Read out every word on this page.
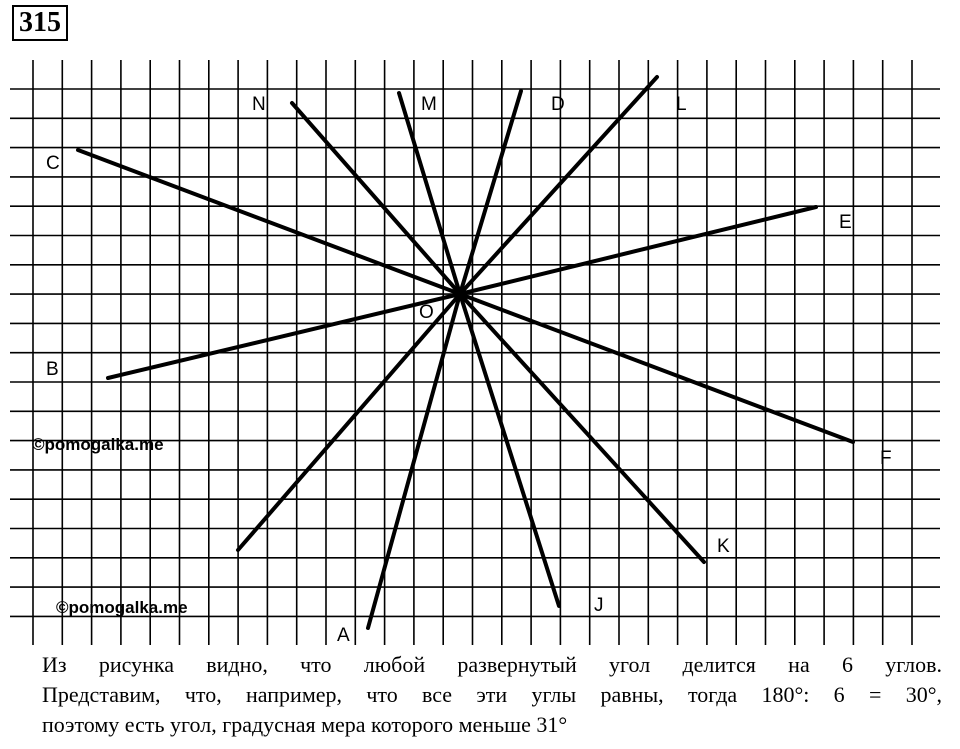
315
N	M	D	L
C
E
O
B
F
K
J
A
©pomogalka.me
©pomogalka.me

Из рисунка видно, что любой развернутый угол делится на 6 углов.

Представим, что, например, что все эти углы равны, тогда 180°: 6 = 30°,

поэтому есть угол, градусная мера которого меньше 31°
